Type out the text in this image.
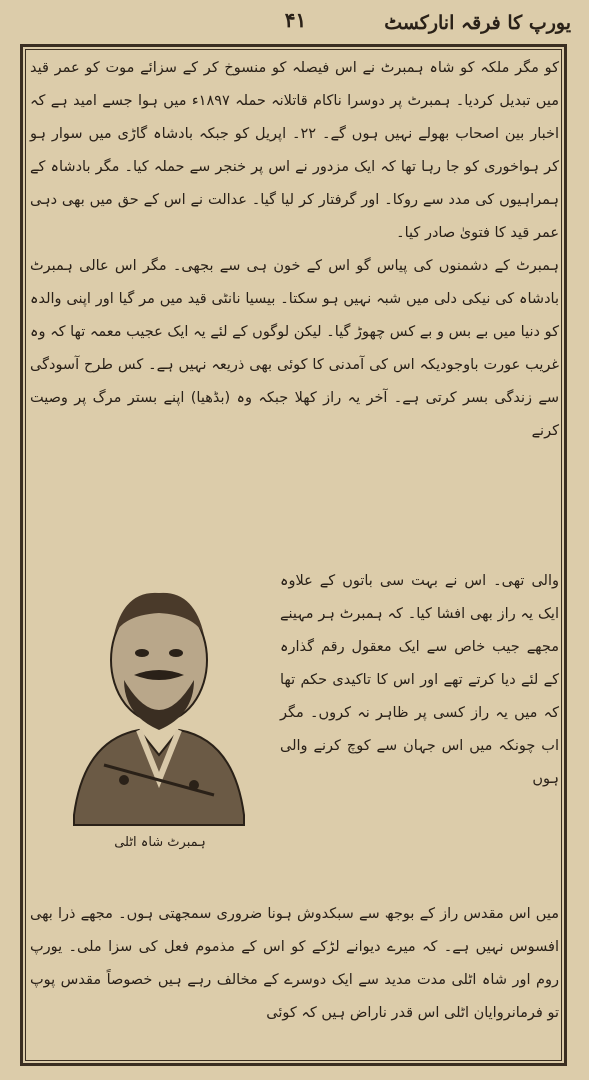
یورپ کا فرقہ انارکسٹ
۴۱

کو مگر ملکہ کو شاہ ہمبرٹ نے اس فیصلہ کو منسوخ کر کے سزائے موت کو عمر قید میں تبدیل کردیا۔ ہمبرٹ پر دوسرا ناکام قاتلانہ حملہ ۱۸۹۷ء میں ہوا جسے امید ہے کہ اخبار بین اصحاب بھولے نہیں ہوں گے۔ ۲۲۔ اپریل کو جبکہ بادشاہ گاڑی میں سوار ہو کر ہواخوری کو جا رہا تھا کہ ایک مزدور نے اس پر خنجر سے حملہ کیا۔ مگر بادشاہ کے ہمراہیوں کی مدد سے روکا۔ اور گرفتار کر لیا گیا۔ عدالت نے اس کے حق میں بھی دہی عمر قید کا فتویٰ صادر کیا۔

ہمبرٹ کے دشمنوں کی پیاس گو اس کے خون ہی سے بجھی۔ مگر اس عالی ہمبرٹ بادشاہ کی نیکی دلی میں شبہ نہیں ہو سکتا۔ بیسیا نانٹی قید میں مر گیا اور اپنی والدہ کو دنیا میں بے بس و بے کس چھوڑ گیا۔ لیکن لوگوں کے لئے یہ ایک عجیب معمہ تھا کہ وہ غریب عورت باوجودیکہ اس کی آمدنی کا کوئی بھی ذریعہ نہیں ہے۔ کس طرح آسودگی سے زندگی بسر کرتی ہے۔ آخر یہ راز کھلا جبکہ وہ (بڈھیا) اپنے بستر مرگ پر وصیت کرنے

ہمبرٹ شاہ اٹلی
والی تھی۔ اس نے بہت سی باتوں کے علاوہ ایک یہ راز بھی افشا کیا۔ کہ ہمبرٹ ہر مہینے مجھے جیب خاص سے ایک معقول رقم گذارہ کے لئے دیا کرتے تھے اور اس کا تاکیدی حکم تھا کہ میں یہ راز کسی پر ظاہر نہ کروں۔ مگر اب چونکہ میں اس جہان سے کوچ کرنے والی ہوں
میں اس مقدس راز کے بوجھ سے سبکدوش ہونا ضروری سمجھتی ہوں۔ مجھے ذرا بھی افسوس نہیں ہے۔ کہ میرے دیوانے لڑکے کو اس کے مذموم فعل کی سزا ملی۔ یورپ روم اور شاہ اٹلی مدت مدید سے ایک دوسرے کے مخالف رہے ہیں خصوصاً مقدس پوپ تو فرمانروایان اٹلی اس قدر ناراض ہیں کہ کوئی
